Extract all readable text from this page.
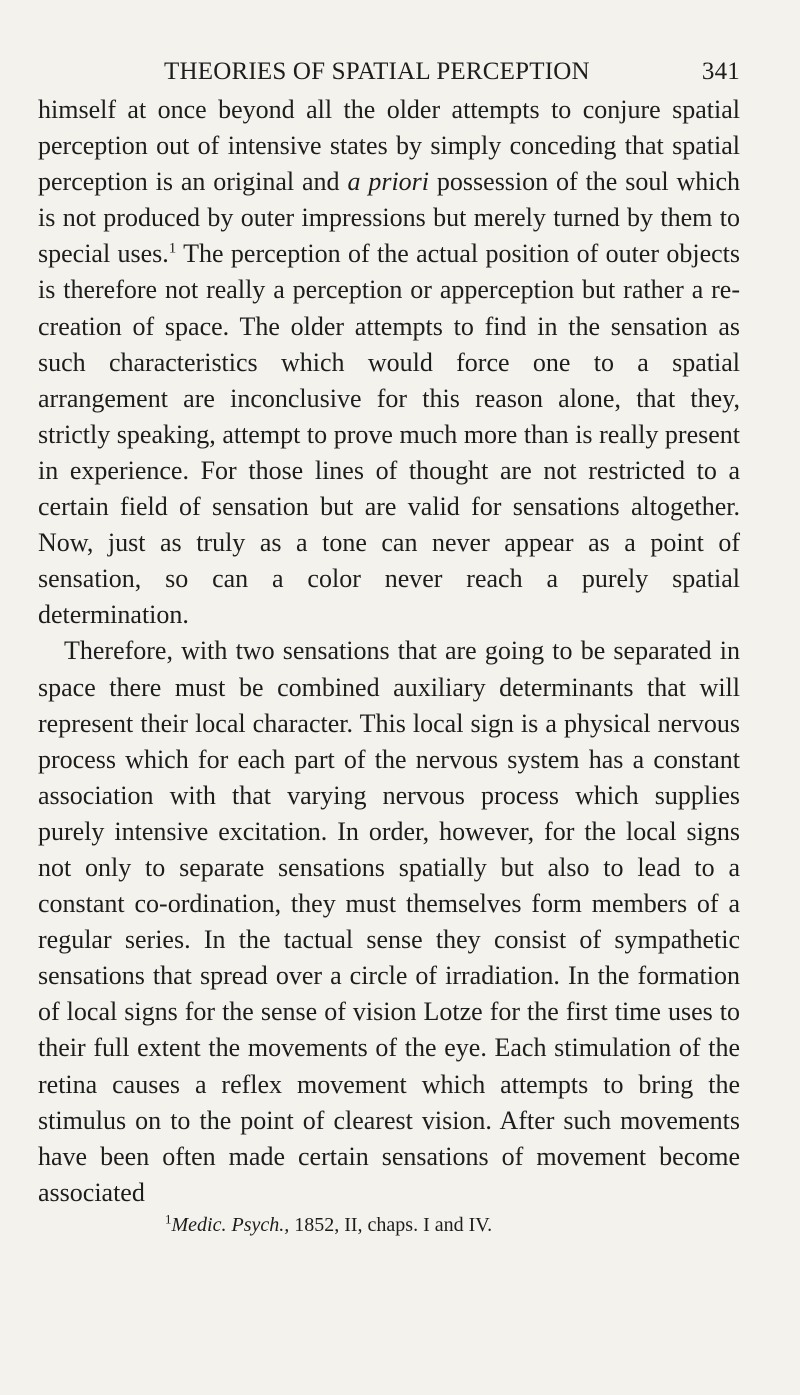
THEORIES OF SPATIAL PERCEPTION	341

himself at once beyond all the older attempts to conjure spatial perception out of intensive states by simply conceding that spatial perception is an original and a priori possession of the soul which is not produced by outer impressions but merely turned by them to special uses.$^1$ The perception of the actual position of outer objects is therefore not really a perception or apperception but rather a re-creation of space. The older attempts to find in the sensation as such characteristics which would force one to a spatial arrangement are inconclusive for this reason alone, that they, strictly speaking, attempt to prove much more than is really present in experience. For those lines of thought are not restricted to a certain field of sensation but are valid for sensations altogether. Now, just as truly as a tone can never appear as a point of sensation, so can a color never reach a purely spatial determination.

Therefore, with two sensations that are going to be separated in space there must be combined auxiliary determinants that will represent their local character. This local sign is a physical nervous process which for each part of the nervous system has a constant association with that varying nervous process which supplies purely intensive excitation. In order, however, for the local signs not only to separate sensations spatially but also to lead to a constant co-ordination, they must themselves form members of a regular series. In the tactual sense they consist of sympathetic sensations that spread over a circle of irradiation. In the formation of local signs for the sense of vision Lotze for the first time uses to their full extent the movements of the eye. Each stimulation of the retina causes a reflex movement which attempts to bring the stimulus on to the point of clearest vision. After such movements have been often made certain sensations of movement become associated

$^1$Medic. Psych., 1852, II, chaps. I and IV.
